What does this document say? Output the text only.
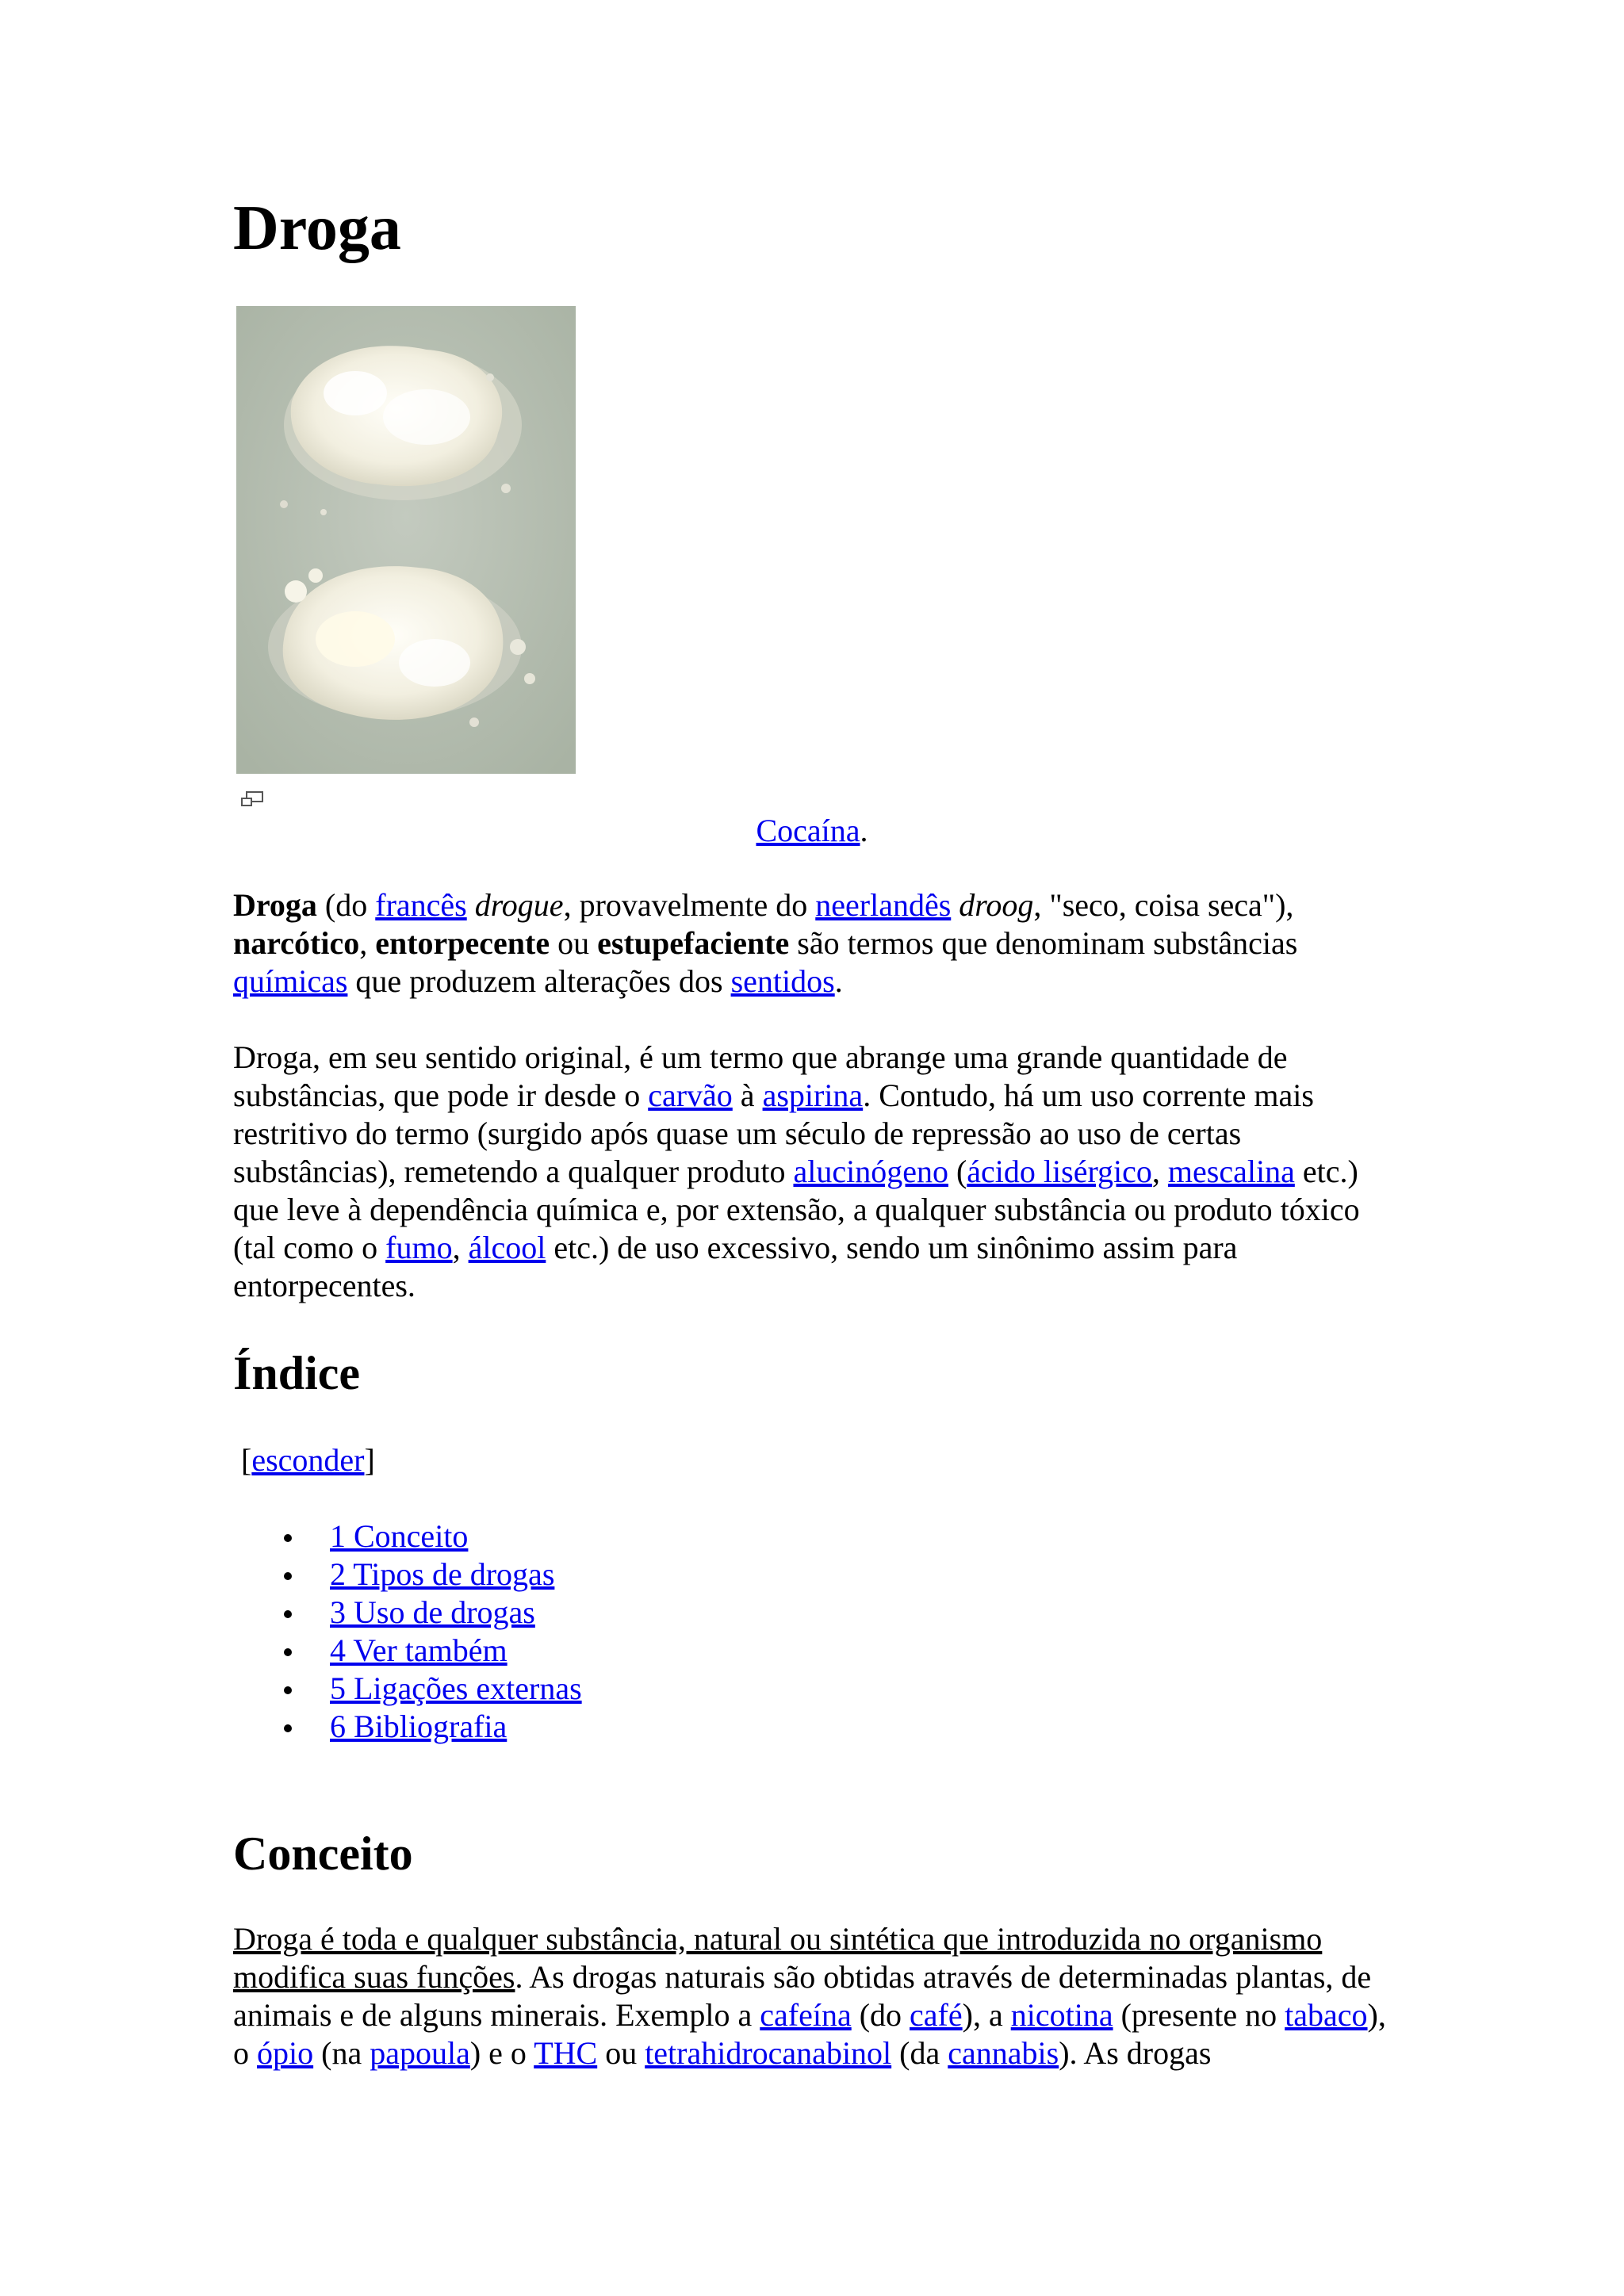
Droga
Cocaína.

Droga (do francês drogue, provavelmente do neerlandês droog, "seco, coisa seca"), narcótico, entorpecente ou estupefaciente são termos que denominam substâncias químicas que produzem alterações dos sentidos.

Droga, em seu sentido original, é um termo que abrange uma grande quantidade de substâncias, que pode ir desde o carvão à aspirina. Contudo, há um uso corrente mais restritivo do termo (surgido após quase um século de repressão ao uso de certas substâncias), remetendo a qualquer produto alucinógeno (ácido lisérgico, mescalina etc.) que leve à dependência química e, por extensão, a qualquer substância ou produto tóxico (tal como o fumo, álcool etc.) de uso excessivo, sendo um sinônimo assim para entorpecentes.

Índice
[esconder]
1 Conceito
2 Tipos de drogas
3 Uso de drogas
4 Ver também
5 Ligações externas
6 Bibliografia
Conceito

Droga é toda e qualquer substância, natural ou sintética que introduzida no organismo modifica suas funções. As drogas naturais são obtidas através de determinadas plantas, de animais e de alguns minerais. Exemplo a cafeína (do café), a nicotina (presente no tabaco), o ópio (na papoula) e o THC ou tetrahidrocanabinol (da cannabis). As drogas
